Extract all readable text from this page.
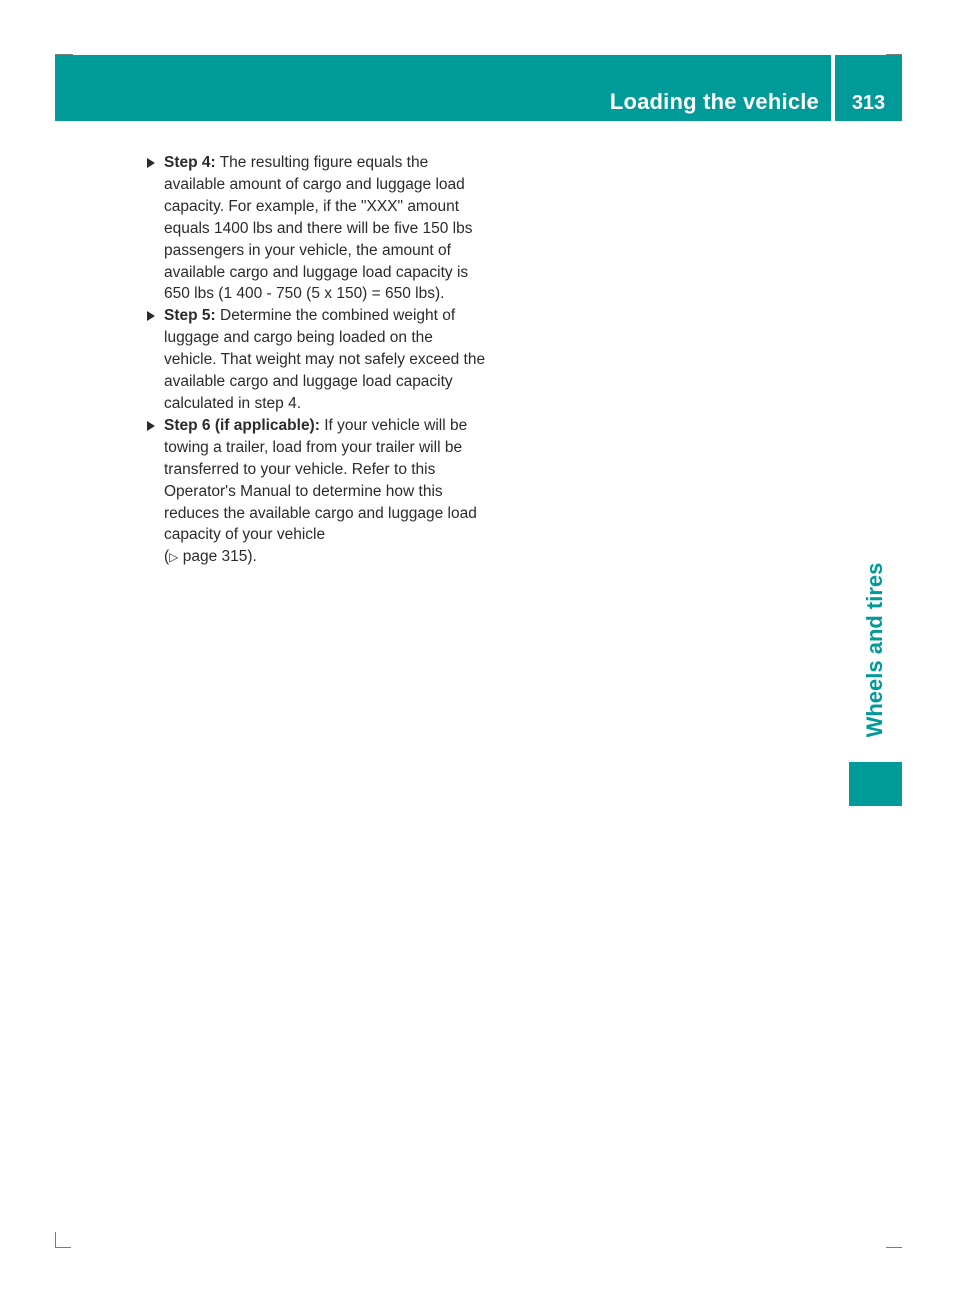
Loading the vehicle	313
Wheels and tires
Step 4: The resulting figure equals the available amount of cargo and luggage load capacity. For example, if the "XXX" amount equals 1400 lbs and there will be five 150 lbs passengers in your vehicle, the amount of available cargo and luggage load capacity is 650 lbs (1 400 - 750 (5 x 150) = 650 lbs).
Step 5: Determine the combined weight of luggage and cargo being loaded on the vehicle. That weight may not safely exceed the available cargo and luggage load capacity calculated in step 4.
Step 6 (if applicable): If your vehicle will be towing a trailer, load from your trailer will be transferred to your vehicle. Refer to this Operator's Manual to determine how this reduces the available cargo and luggage load capacity of your vehicle
(▷ page 315).
